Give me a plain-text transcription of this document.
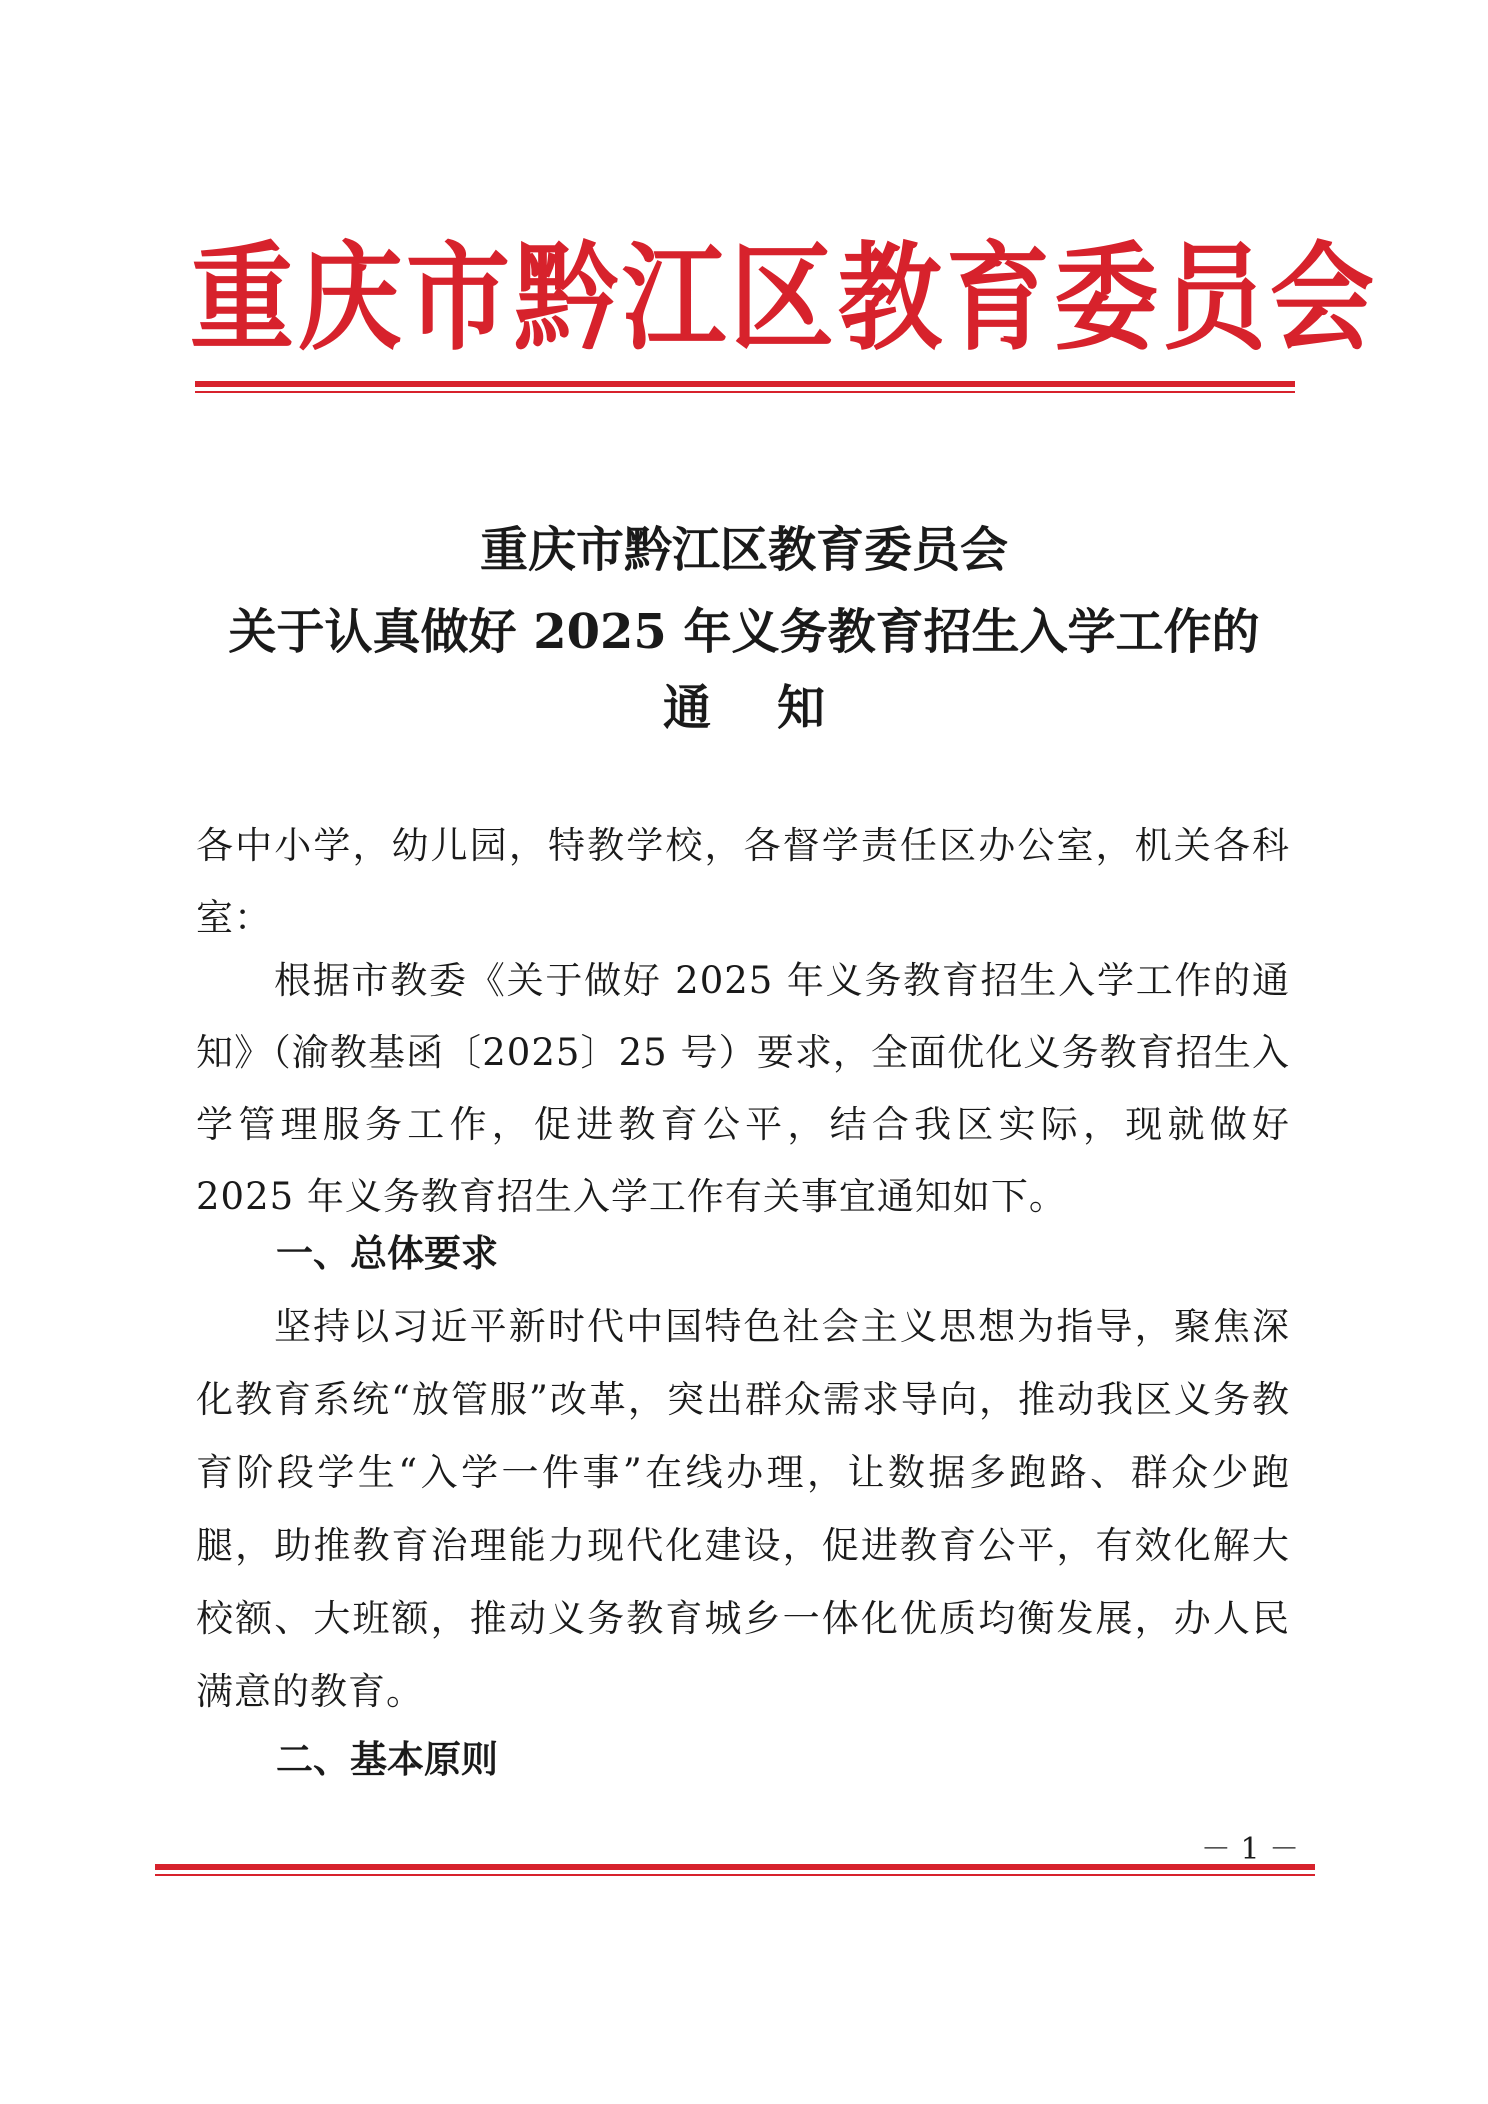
重庆市黔江区教育委员会
重庆市黔江区教育委员会
关于认真做好 2025 年义务教育招生入学工作的
通知

各中小学，幼儿园，特教学校，各督学责任区办公室，机关各科室：

根据市教委《关于做好 2025 年义务教育招生入学工作的通知》（渝教基函〔2025〕25 号）要求，全面优化义务教育招生入学管理服务工作，促进教育公平，结合我区实际，现就做好 2025 年义务教育招生入学工作有关事宜通知如下。

一、总体要求

坚持以习近平新时代中国特色社会主义思想为指导，聚焦深化教育系统“放管服”改革，突出群众需求导向，推动我区义务教育阶段学生“入学一件事”在线办理，让数据多跑路、群众少跑腿，助推教育治理能力现代化建设，促进教育公平，有效化解大校额、大班额，推动义务教育城乡一体化优质均衡发展，办人民满意的教育。

二、基本原则

－ 1 －
